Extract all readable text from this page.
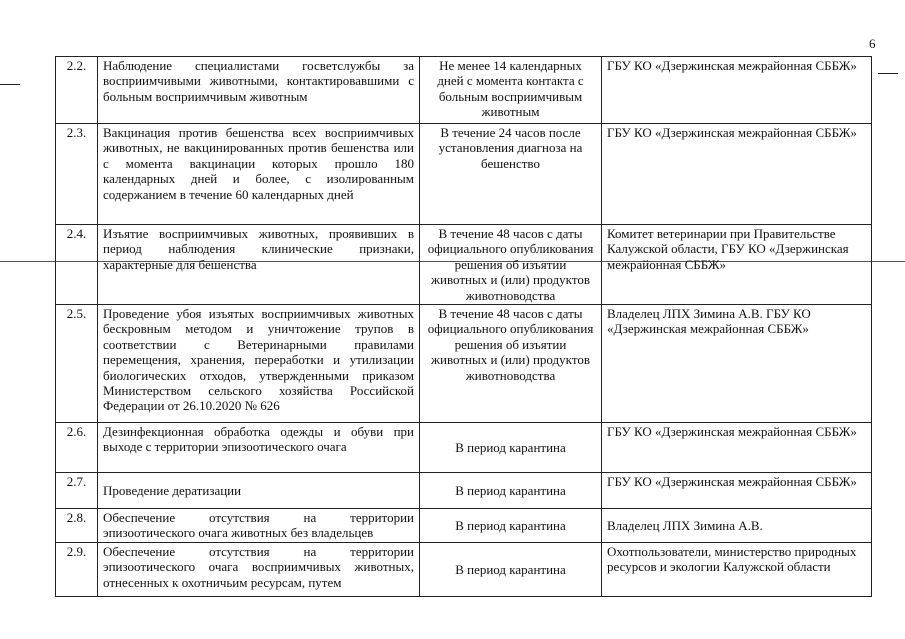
6
2.2.	Наблюдение специалистами госветслужбы за восприимчивыми животными, контактировавшими с больным восприимчивым животным	Не менее 14 календарных дней с момента контакта с больным восприимчивым животным	ГБУ КО «Дзержинская межрайонная СББЖ»
2.3.	Вакцинация против бешенства всех восприимчивых животных, не вакцинированных против бешенства или с момента вакцинации которых прошло 180 календарных дней и более, с изолированным содержанием в течение 60 календарных дней	В течение 24 часов после установления диагноза на бешенство	ГБУ КО «Дзержинская межрайонная СББЖ»
2.4.	Изъятие восприимчивых животных, проявивших в период наблюдения клинические признаки, характерные для бешенства	В течение 48 часов с даты официального опубликования решения об изъятии животных и (или) продуктов животноводства	Комитет ветеринарии при Правительстве Калужской области, ГБУ КО «Дзержинская межрайонная СББЖ»
2.5.	Проведение убоя изъятых восприимчивых животных бескровным методом и уничтожение трупов в соответствии с Ветеринарными правилами перемещения, хранения, переработки и утилизации биологических отходов, утвержденными приказом Министерством сельского хозяйства Российской Федерации от 26.10.2020 № 626	В течение 48 часов с даты официального опубликования решения об изъятии животных и (или) продуктов животноводства	Владелец ЛПХ Зимина А.В. ГБУ КО «Дзержинская межрайонная СББЖ»
2.6.	Дезинфекционная обработка одежды и обуви при выходе с территории эпизоотического очага	В период карантина	ГБУ КО «Дзержинская межрайонная СББЖ»
2.7.	Проведение дератизации	В период карантина	ГБУ КО «Дзержинская межрайонная СББЖ»
2.8.	Обеспечение отсутствия на территории эпизоотического очага животных без владельцев	В период карантина	Владелец ЛПХ Зимина А.В.
2.9.	Обеспечение отсутствия на территории эпизоотического очага восприимчивых животных, отнесенных к охотничьим ресурсам, путем	В период карантина	Охотпользователи, министерство природных ресурсов и экологии Калужской области
